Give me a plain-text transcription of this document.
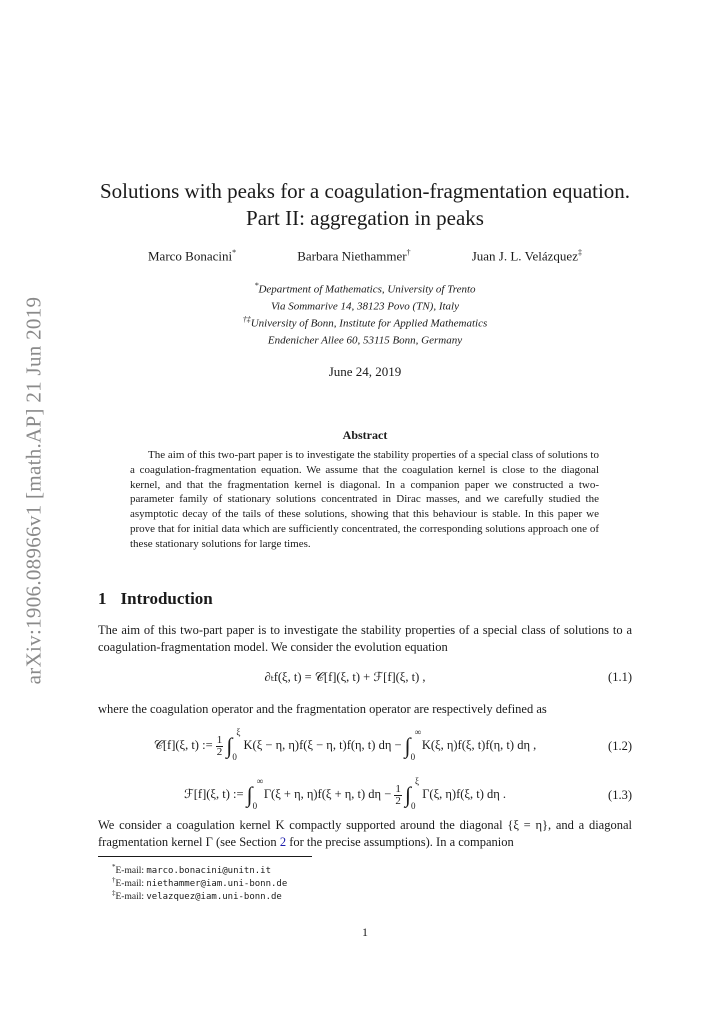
arXiv:1906.08966v1 [math.AP] 21 Jun 2019
Solutions with peaks for a coagulation-fragmentation equation.
Part II: aggregation in peaks
Marco Bonacini*	Barbara Niethammer†	Juan J. L. Velázquez‡
*Department of Mathematics, University of Trento
Via Sommarive 14, 38123 Povo (TN), Italy
†‡University of Bonn, Institute for Applied Mathematics
Endenicher Allee 60, 53115 Bonn, Germany
June 24, 2019
Abstract

The aim of this two-part paper is to investigate the stability properties of a special class of solutions to a coagulation-fragmentation equation. We assume that the coagulation kernel is close to the diagonal kernel, and that the fragmentation kernel is diagonal. In a companion paper we constructed a two-parameter family of stationary solutions concentrated in Dirac masses, and we carefully studied the asymptotic decay of the tails of these solutions, showing that this behaviour is stable. In this paper we prove that for initial data which are sufficiently concentrated, the corresponding solutions approach one of these stationary solutions for large times.

1 Introduction

The aim of this two-part paper is to investigate the stability properties of a special class of solutions to a coagulation-fragmentation model. We consider the evolution equation

∂ₜf(ξ, t) = 𝒞[f](ξ, t) + ℱ[f](ξ, t) ,	(1.1)

where the coagulation operator and the fragmentation operator are respectively defined as

𝒞[f](ξ, t) := $\frac{1}{2}$ ∫
ξ
0
K(ξ − η, η)f(ξ − η, t)f(η, t) dη − ∫
∞
0
K(ξ, η)f(ξ, t)f(η, t) dη ,	(1.2)
ℱ[f](ξ, t) := ∫
∞
0
Γ(ξ + η, η)f(ξ + η, t) $d\eta - \frac{1}{2}$ ∫
ξ
0
Γ(ξ, η)f(ξ, t) dη .	(1.3)

We consider a coagulation kernel K compactly supported around the diagonal {ξ = η}, and a diagonal fragmentation kernel Γ (see Section 2 for the precise assumptions). In a companion

*E-mail: marco.bonacini@unitn.it
†E-mail: niethammer@iam.uni-bonn.de
‡E-mail: velazquez@iam.uni-bonn.de
1
